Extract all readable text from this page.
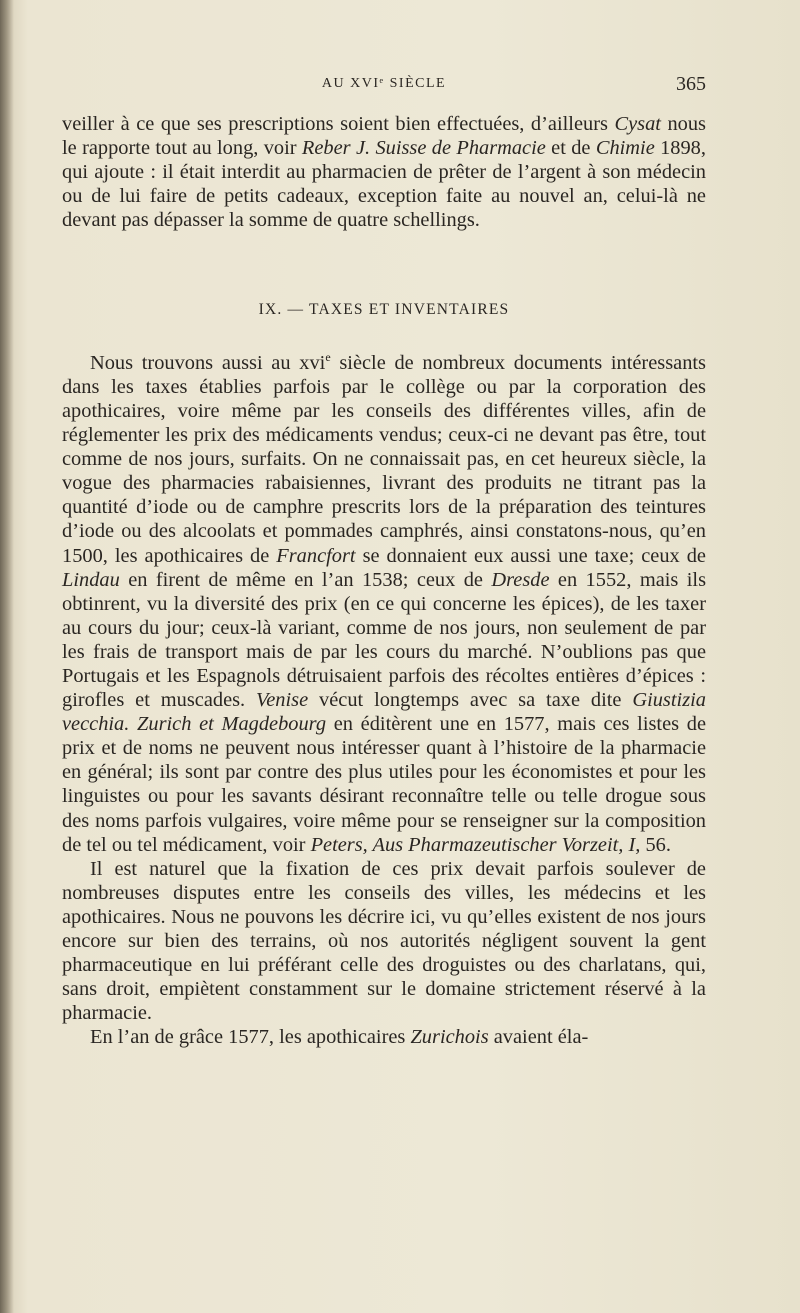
AU XVIᵉ SIÈCLE	365

veiller à ce que ses prescriptions soient bien effectuées, d’ailleurs Cysat nous le rapporte tout au long, voir Reber J. Suisse de Pharmacie et de Chimie 1898, qui ajoute : il était interdit au pharmacien de prêter de l’argent à son médecin ou de lui faire de petits cadeaux, exception faite au nouvel an, celui-là ne devant pas dépasser la somme de quatre schellings.

IX. — TAXES ET INVENTAIRES

Nous trouvons aussi au xvi$^e$ siècle de nombreux documents intéressants dans les taxes établies parfois par le collège ou par la corporation des apothicaires, voire même par les conseils des différentes villes, afin de réglementer les prix des médicaments vendus; ceux-ci ne devant pas être, tout comme de nos jours, surfaits. On ne connaissait pas, en cet heureux siècle, la vogue des pharmacies rabaisiennes, livrant des produits ne titrant pas la quantité d’iode ou de camphre prescrits lors de la préparation des teintures d’iode ou des alcoolats et pommades camphrés, ainsi constatons-nous, qu’en 1500, les apothicaires de Francfort se donnaient eux aussi une taxe; ceux de Lindau en firent de même en l’an 1538; ceux de Dresde en 1552, mais ils obtinrent, vu la diversité des prix (en ce qui concerne les épices), de les taxer au cours du jour; ceux-là variant, comme de nos jours, non seulement de par les frais de transport mais de par les cours du marché. N’oublions pas que Portugais et les Espagnols détruisaient parfois des récoltes entières d’épices : girofles et muscades. Venise vécut longtemps avec sa taxe dite Giustizia vecchia. Zurich et Magdebourg en éditèrent une en 1577, mais ces listes de prix et de noms ne peuvent nous intéresser quant à l’histoire de la pharmacie en général; ils sont par contre des plus utiles pour les économistes et pour les linguistes ou pour les savants désirant reconnaître telle ou telle drogue sous des noms parfois vulgaires, voire même pour se renseigner sur la composition de tel ou tel médicament, voir Peters, Aus Pharmazeutischer Vorzeit, I, 56.

Il est naturel que la fixation de ces prix devait parfois soulever de nombreuses disputes entre les conseils des villes, les médecins et les apothicaires. Nous ne pouvons les décrire ici, vu qu’elles existent de nos jours encore sur bien des terrains, où nos autorités négligent souvent la gent pharmaceutique en lui préférant celle des droguistes ou des charlatans, qui, sans droit, empiètent constamment sur le domaine strictement réservé à la pharmacie.

En l’an de grâce 1577, les apothicaires Zurichois avaient éla-
